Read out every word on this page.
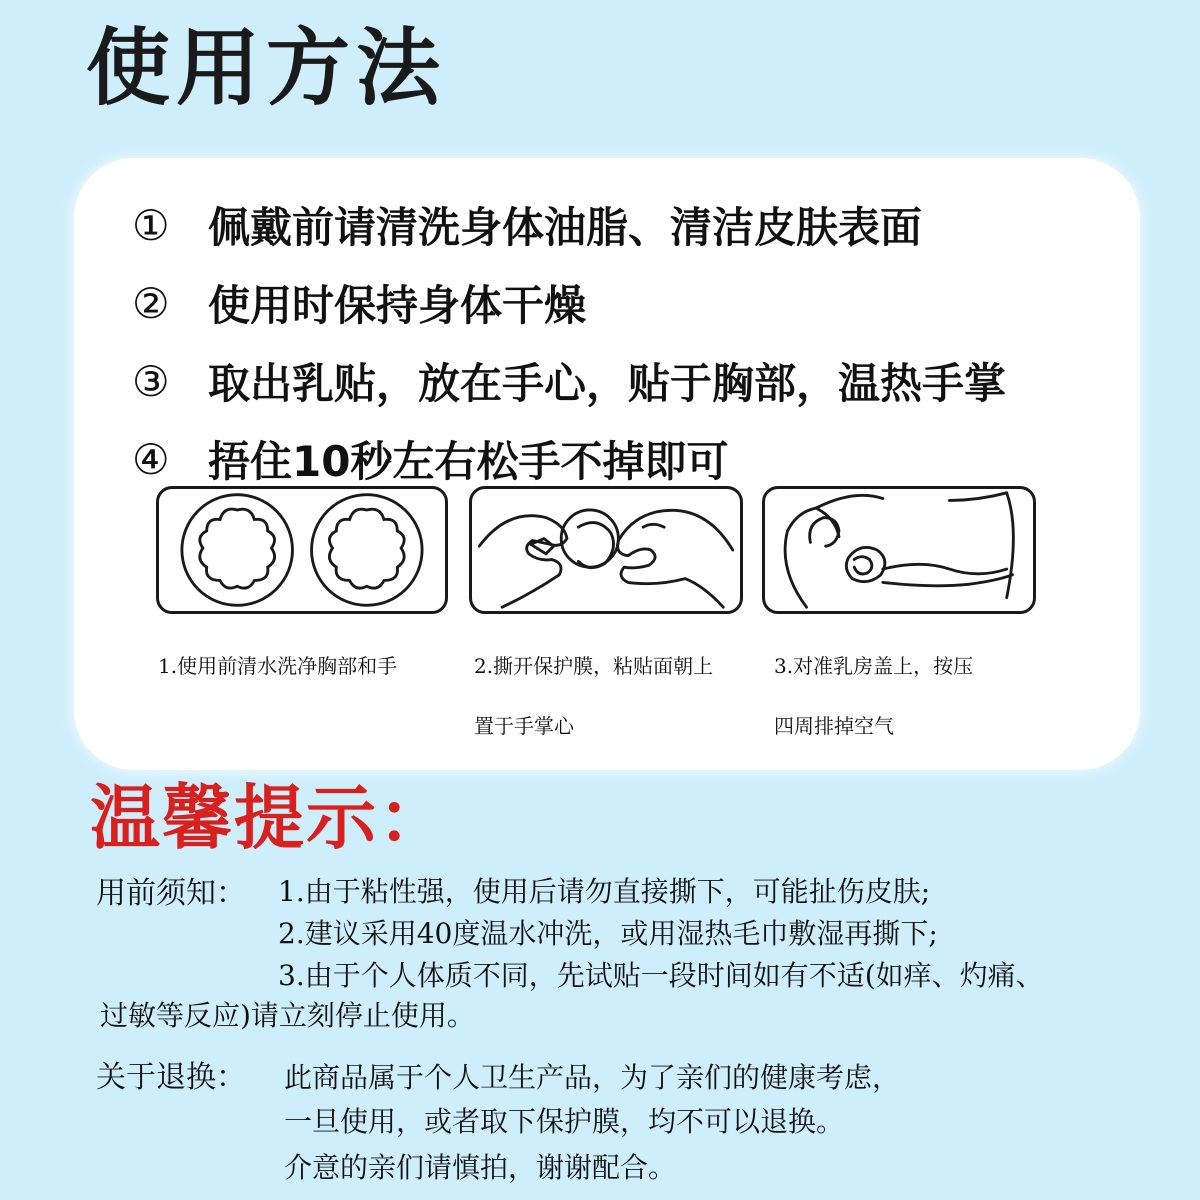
使用方法
① 佩戴前请清洗身体油脂、清洁皮肤表面
② 使用时保持身体干燥
③ 取出乳贴，放在手心，贴于胸部，温热手掌
④ 捂住10秒左右松手不掉即可
1.使用前清水洗净胸部和手	2.撕开保护膜，粘贴面朝上
置于手掌心
3.对准乳房盖上，按压
四周排掉空气
温馨提示：
用前须知： 1.由于粘性强，使用后请勿直接撕下，可能扯伤皮肤;
2.建议采用40度温水冲洗，或用湿热毛巾敷湿再撕下;
3.由于个人体质不同，先试贴一段时间如有不适(如痒、灼痛、
过敏等反应)请立刻停止使用。
关于退换： 此商品属于个人卫生产品，为了亲们的健康考虑，
一旦使用，或者取下保护膜，均不可以退换。
介意的亲们请慎拍，谢谢配合。
